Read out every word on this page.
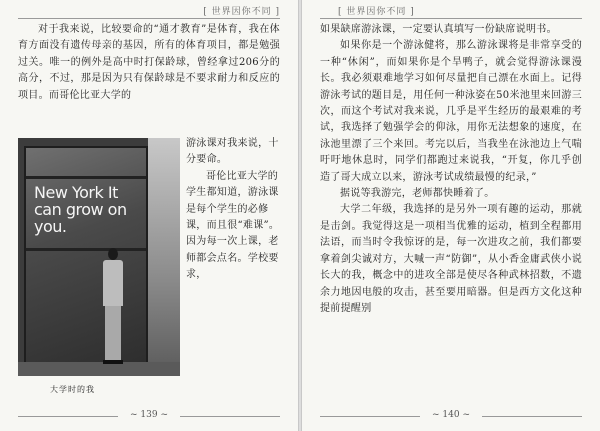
[ 世界因你不同 ]

对于我来说，比较要命的“通才教育”是体育，我在体育方面没有遗传母亲的基因，所有的体育项目，都是勉强过关。唯一的例外是高中时打保龄球，曾经拿过206分的高分，不过，那是因为只有保龄球是不要求耐力和反应的项目。而哥伦比亚大学的

New York It can grow on you.
大学时的我

游泳课对我来说，十分要命。

哥伦比亚大学的学生都知道，游泳课是每个学生的必修课，而且很“难课”。因为每一次上课，老师都会点名。学校要求，

~ 139 ~
[ 世界因你不同 ]

如果缺席游泳课，一定要认真填写一份缺席说明书。

如果你是一个游泳健将，那么游泳课将是非常享受的一种“休闲”，而如果你是个旱鸭子，就会觉得游泳课漫长。我必须艰难地学习如何尽量把自己漂在水面上。记得游泳考试的题目是，用任何一种泳姿在50米池里来回游三次，而这个考试对我来说，几乎是平生经历的最艰难的考试，我选择了勉强学会的仰泳，用你无法想象的速度，在泳池里漂了三个来回。考完以后，当我坐在泳池边上气喘吁吁地休息时，同学们都跑过来说我，“开复，你几乎创造了哥大成立以来，游泳考试成绩最慢的纪录，”

据说等我游完，老师都快睡着了。

大学二年级，我选择的是另外一项有趣的运动，那就是击剑。我觉得这是一项相当优雅的运动，植到全程都用法语，而当时令我惊讶的是，每一次进攻之前，我们都要拿着剑尖诚对方，大喊一声“防御”，从小香金庸武侠小说长大的我，概念中的进攻全部是使尽各种武林招数，不遗余力地因电般的攻击，甚至要用暗器。但是西方文化这种提前提醒别

~ 140 ~
